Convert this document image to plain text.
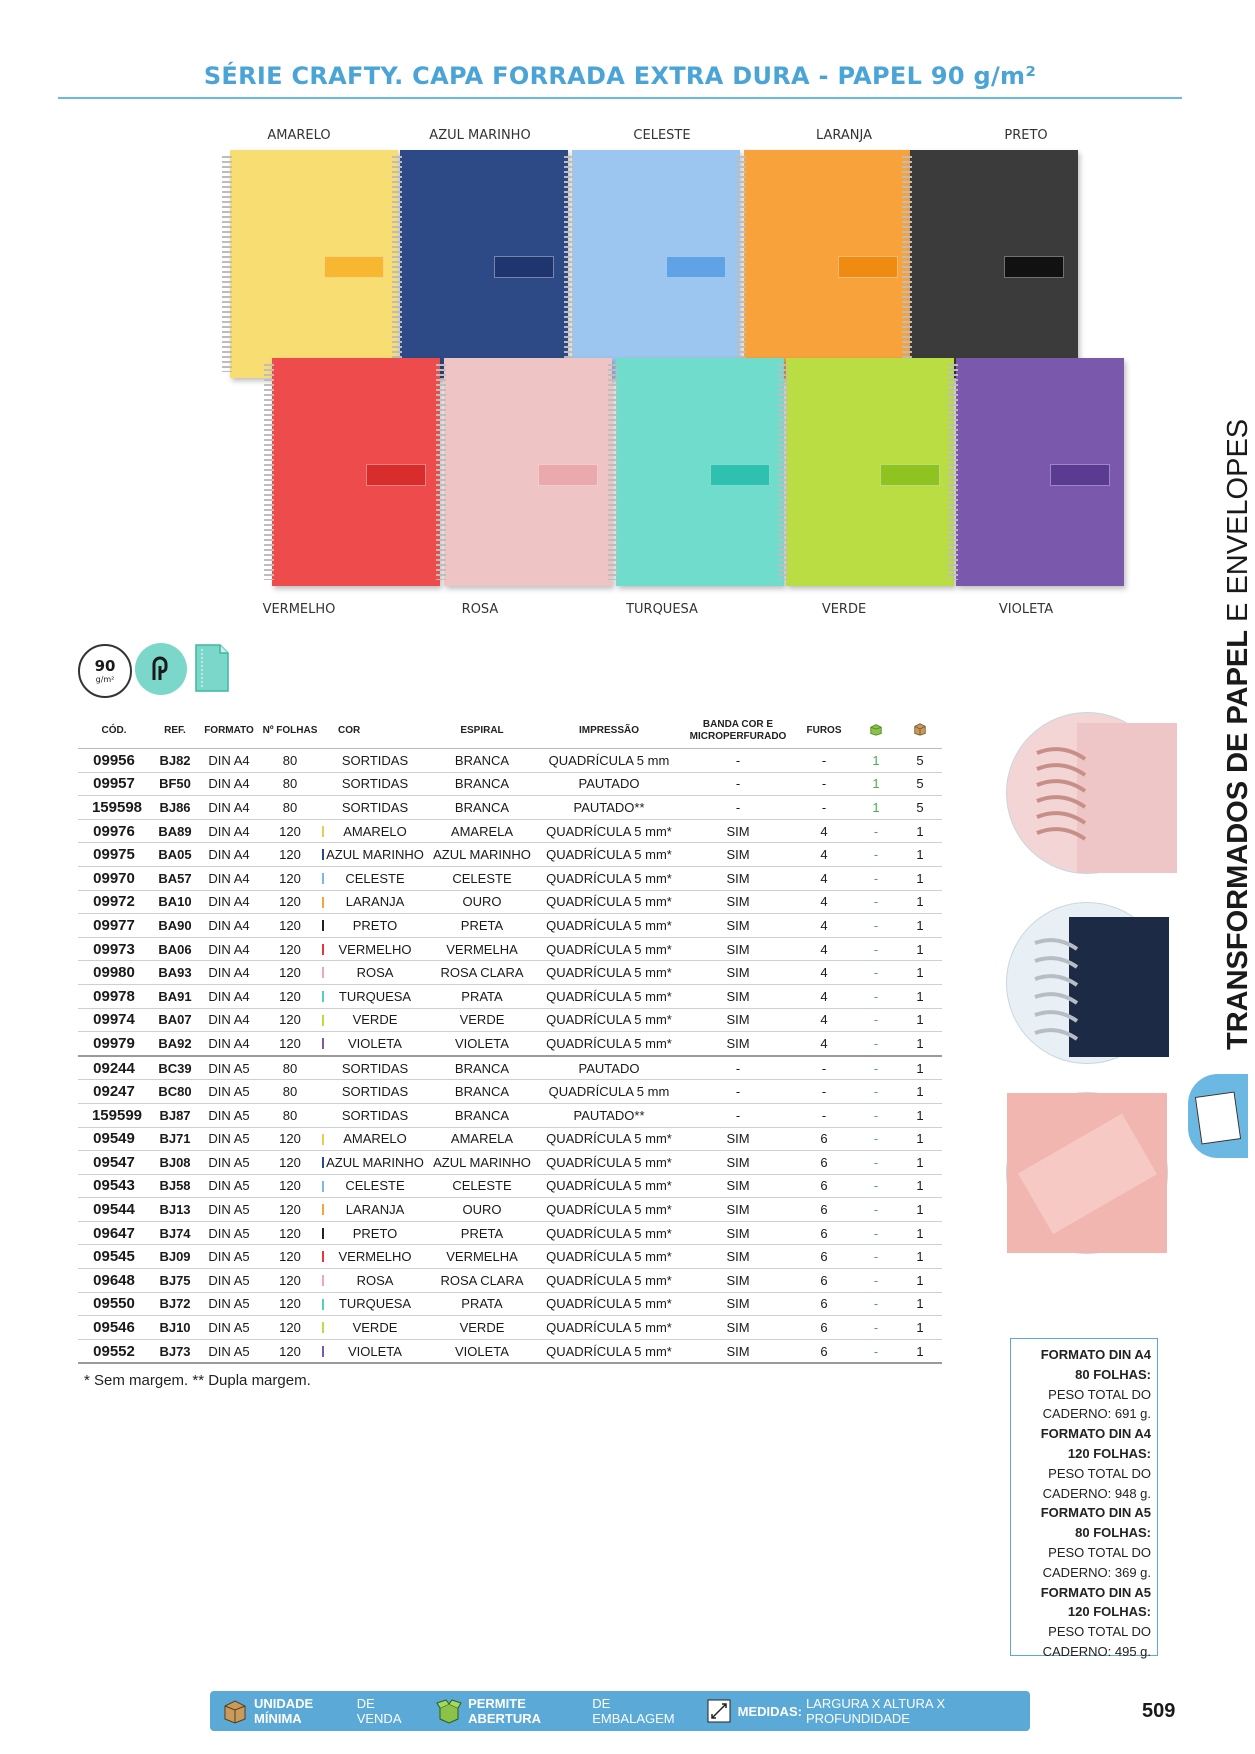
SÉRIE CRAFTY. CAPA FORRADA EXTRA DURA - PAPEL 90 g/m²
AMARELO	AZUL MARINHO	CELESTE	LARANJA	PRETO
VERMELHO	ROSA	TURQUESA	VERDE	VIOLETA
90
g/m²
CÓD.	REF.	FORMATO	Nº FOLHAS	COR	ESPIRAL	IMPRESSÃO	BANDA COR E
MICROPERFURADO	FUROS		
09956	BJ82	DIN A4	80	SORTIDAS	BRANCA	QUADRÍCULA 5 mm	-	-	1	5
09957	BF50	DIN A4	80	SORTIDAS	BRANCA	PAUTADO	-	-	1	5
159598	BJ86	DIN A4	80	SORTIDAS	BRANCA	PAUTADO**	-	-	1	5
09976	BA89	DIN A4	120	AMARELO	AMARELA	QUADRÍCULA 5 mm*	SIM	4	-	1
09975	BA05	DIN A4	120	AZUL MARINHO	AZUL MARINHO	QUADRÍCULA 5 mm*	SIM	4	-	1
09970	BA57	DIN A4	120	CELESTE	CELESTE	QUADRÍCULA 5 mm*	SIM	4	-	1
09972	BA10	DIN A4	120	LARANJA	OURO	QUADRÍCULA 5 mm*	SIM	4	-	1
09977	BA90	DIN A4	120	PRETO	PRETA	QUADRÍCULA 5 mm*	SIM	4	-	1
09973	BA06	DIN A4	120	VERMELHO	VERMELHA	QUADRÍCULA 5 mm*	SIM	4	-	1
09980	BA93	DIN A4	120	ROSA	ROSA CLARA	QUADRÍCULA 5 mm*	SIM	4	-	1
09978	BA91	DIN A4	120	TURQUESA	PRATA	QUADRÍCULA 5 mm*	SIM	4	-	1
09974	BA07	DIN A4	120	VERDE	VERDE	QUADRÍCULA 5 mm*	SIM	4	-	1
09979	BA92	DIN A4	120	VIOLETA	VIOLETA	QUADRÍCULA 5 mm*	SIM	4	-	1
09244	BC39	DIN A5	80	SORTIDAS	BRANCA	PAUTADO	-	-	-	1
09247	BC80	DIN A5	80	SORTIDAS	BRANCA	QUADRÍCULA 5 mm	-	-	-	1
159599	BJ87	DIN A5	80	SORTIDAS	BRANCA	PAUTADO**	-	-	-	1
09549	BJ71	DIN A5	120	AMARELO	AMARELA	QUADRÍCULA 5 mm*	SIM	6	-	1
09547	BJ08	DIN A5	120	AZUL MARINHO	AZUL MARINHO	QUADRÍCULA 5 mm*	SIM	6	-	1
09543	BJ58	DIN A5	120	CELESTE	CELESTE	QUADRÍCULA 5 mm*	SIM	6	-	1
09544	BJ13	DIN A5	120	LARANJA	OURO	QUADRÍCULA 5 mm*	SIM	6	-	1
09647	BJ74	DIN A5	120	PRETO	PRETA	QUADRÍCULA 5 mm*	SIM	6	-	1
09545	BJ09	DIN A5	120	VERMELHO	VERMELHA	QUADRÍCULA 5 mm*	SIM	6	-	1
09648	BJ75	DIN A5	120	ROSA	ROSA CLARA	QUADRÍCULA 5 mm*	SIM	6	-	1
09550	BJ72	DIN A5	120	TURQUESA	PRATA	QUADRÍCULA 5 mm*	SIM	6	-	1
09546	BJ10	DIN A5	120	VERDE	VERDE	QUADRÍCULA 5 mm*	SIM	6	-	1
09552	BJ73	DIN A5	120	VIOLETA	VIOLETA	QUADRÍCULA 5 mm*	SIM	6	-	1
* Sem margem. ** Dupla margem.
TRANSFORMADOS DE PAPEL E ENVELOPES
FORMATO DIN A4
80 FOLHAS:
PESO TOTAL DO
CADERNO: 691 g.
FORMATO DIN A4
120 FOLHAS:
PESO TOTAL DO
CADERNO: 948 g.
FORMATO DIN A5
80 FOLHAS:
PESO TOTAL DO
CADERNO: 369 g.
FORMATO DIN A5
120 FOLHAS:
PESO TOTAL DO
CADERNO: 495 g.
UNIDADE MÍNIMA
DE VENDA
PERMITE ABERTURA
DE EMBALAGEM	MEDIDAS: LARGURA X ALTURA X PROFUNDIDADE	509
